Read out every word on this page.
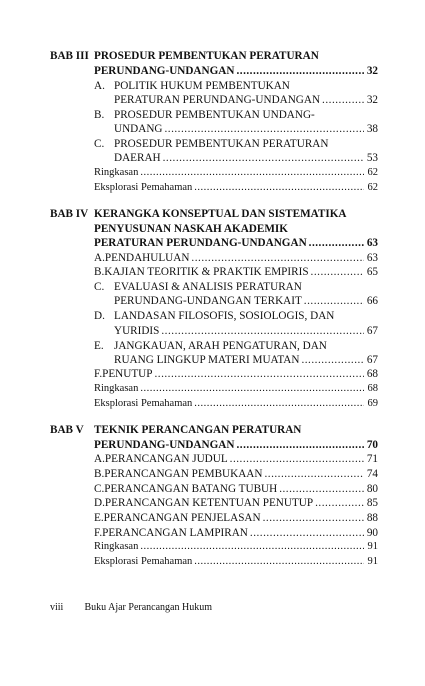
BAB III PROSEDUR PEMBENTUKAN PERATURAN
PERUNDANG-UNDANGAN .....	32
A. POLITIK HUKUM PEMBENTUKAN
PERATURAN PERUNDANG-UNDANGAN .....	32
B. PROSEDUR PEMBENTUKAN UNDANG-
UNDANG .....	38
C. PROSEDUR PEMBENTUKAN PERATURAN
DAERAH .....	53
Ringkasan .....	62
Eksplorasi Pemahaman .....	62
BAB IV KERANGKA KONSEPTUAL DAN SISTEMATIKA
PENYUSUNAN NASKAH AKADEMIK
PERATURAN PERUNDANG-UNDANGAN .....	63
A. PENDAHULUAN .....	63
B. KAJIAN TEORITIK & PRAKTIK EMPIRIS .....	65
C. EVALUASI & ANALISIS PERATURAN
PERUNDANG-UNDANGAN TERKAIT .....	66
D. LANDASAN FILOSOFIS, SOSIOLOGIS, DAN
YURIDIS .....	67
E. JANGKAUAN, ARAH PENGATURAN, DAN
RUANG LINGKUP MATERI MUATAN .....	67
F. PENUTUP .....	68
Ringkasan .....	68
Eksplorasi Pemahaman .....	69
BAB V TEKNIK PERANCANGAN PERATURAN
PERUNDANG-UNDANGAN .....	70
A. PERANCANGAN JUDUL .....	71
B. PERANCANGAN PEMBUKAAN .....	74
C. PERANCANGAN BATANG TUBUH .....	80
D. PERANCANGAN KETENTUAN PENUTUP .....	85
E. PERANCANGAN PENJELASAN .....	88
F. PERANCANGAN LAMPIRAN .....	90
Ringkasan .....	91
Eksplorasi Pemahaman .....	91
viii Buku Ajar Perancangan Hukum
